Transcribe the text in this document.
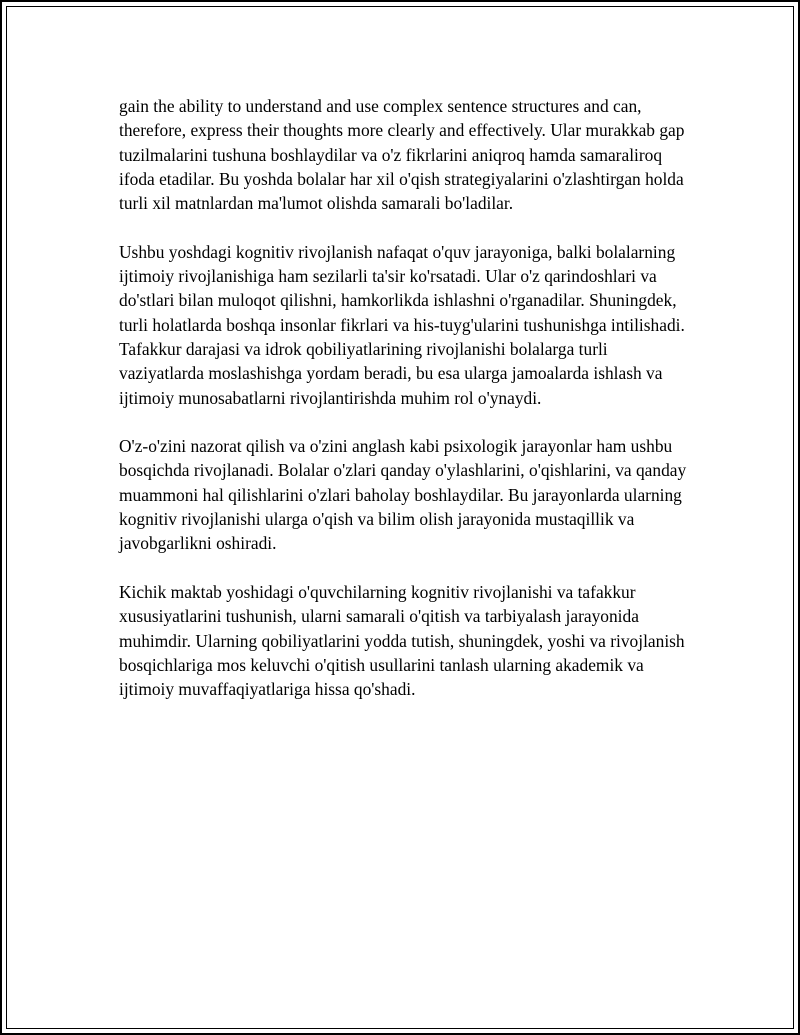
gain the ability to understand and use complex sentence structures and can, therefore, express their thoughts more clearly and effectively. Ular murakkab gap tuzilmalarini tushuna boshlaydilar va o'z fikrlarini aniqroq hamda samaraliroq ifoda etadilar. Bu yoshda bolalar har xil o'qish strategiyalarini o'zlashtirgan holda turli xil matnlardan ma'lumot olishda samarali bo'ladilar.

Ushbu yoshdagi kognitiv rivojlanish nafaqat o'quv jarayoniga, balki bolalarning ijtimoiy rivojlanishiga ham sezilarli ta'sir ko'rsatadi. Ular o'z qarindoshlari va do'stlari bilan muloqot qilishni, hamkorlikda ishlashni o'rganadilar. Shuningdek, turli holatlarda boshqa insonlar fikrlari va his-tuyg'ularini tushunishga intilishadi. Tafakkur darajasi va idrok qobiliyatlarining rivojlanishi bolalarga turli vaziyatlarda moslashishga yordam beradi, bu esa ularga jamoalarda ishlash va ijtimoiy munosabatlarni rivojlantirishda muhim rol o'ynaydi.

O'z-o'zini nazorat qilish va o'zini anglash kabi psixologik jarayonlar ham ushbu bosqichda rivojlanadi. Bolalar o'zlari qanday o'ylashlarini, o'qishlarini, va qanday muammoni hal qilishlarini o'zlari baholay boshlaydilar. Bu jarayonlarda ularning kognitiv rivojlanishi ularga o'qish va bilim olish jarayonida mustaqillik va javobgarlikni oshiradi.

Kichik maktab yoshidagi o'quvchilarning kognitiv rivojlanishi va tafakkur xususiyatlarini tushunish, ularni samarali o'qitish va tarbiyalash jarayonida muhimdir. Ularning qobiliyatlarini yodda tutish, shuningdek, yoshi va rivojlanish bosqichlariga mos keluvchi o'qitish usullarini tanlash ularning akademik va ijtimoiy muvaffaqiyatlariga hissa qo'shadi.
